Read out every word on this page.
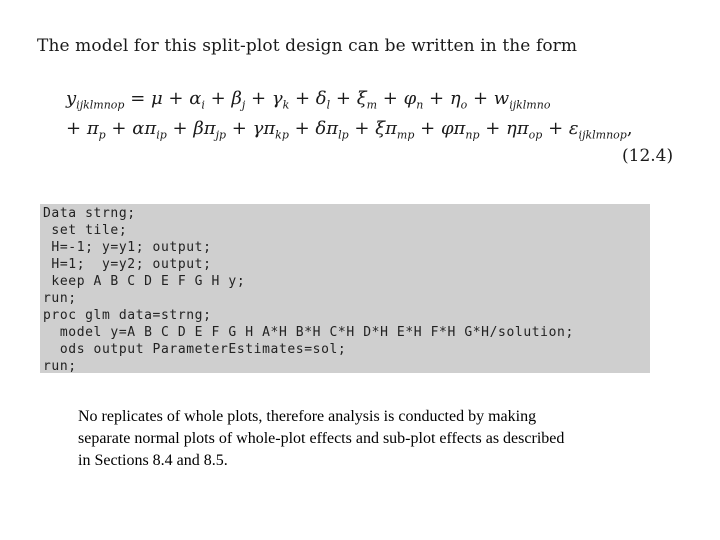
The model for this split-plot design can be written in the form
$y_{ijklmnop} = \mu + \alpha_i + \beta_j + \gamma_k + \delta_l + \xi_m + \varphi_n + \eta_o + w_{ijklmno}$
+ $\pi_p + \alpha\pi_{ip} + \beta\pi_{jp} + \gamma\pi_{kp} + \delta\pi_{lp} + \xi\pi_{mp} + \varphi\pi_{np} + \eta\pi_{op} + \varepsilon_{ijklmnop}$,
(12.4)
Data strng;
set tile;
H=-1; y=y1; output;
H=1;  y=y2; output;
keep A B C D E F G H y;
run;
proc glm data=strng;
model y=A B C D E F G H A*H B*H C*H D*H E*H F*H G*H/solution;
ods output ParameterEstimates=sol;
run;
No replicates of whole plots, therefore analysis is conducted by making
separate normal plots of whole-plot effects and sub-plot effects as described
in Sections 8.4 and 8.5.
